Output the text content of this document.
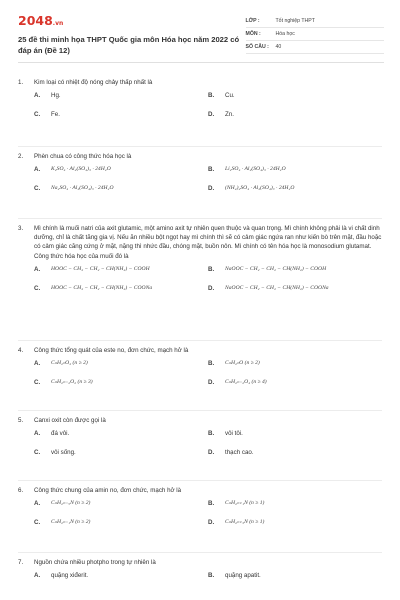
2048.vn
25 đề thi minh họa THPT Quốc gia môn Hóa học năm 2022 có đáp án (Đề 12)
LỚP :	Tốt nghiệp THPT
MÔN :	Hóa học
SỐ CÂU :	40
1.	Kim loại có nhiệt độ nóng chảy thấp nhất là
A.	Hg.	B.	Cu.
C.	Fe.	D.	Zn.
2.	Phèn chua có công thức hóa học là
A.	K₂SO₄ · Al₂(SO₄)₃ · 24H₂O	B.	Li₂SO₄ · Al₂(SO₄)₃ · 24H₂O
C.	Na₂SO₄ · Al₂(SO₄)₃ · 24H₂O	D.	(NH₄)₂SO₄ · Al₂(SO₄)₃ · 24H₂O
3.	Mì chính là muối natri của axit glutamic, một amino axit tự nhiên quen thuộc và quan trọng. Mì chính không phải là vi chất dinh dưỡng, chỉ là chất tăng gia vị. Nếu ăn nhiều bột ngọt hay mì chính thì sẽ có cảm giác ngứa ran như kiến bò trên mặt, đầu hoặc có cảm giác căng cứng ở mặt, nặng thì nhức đầu, chóng mặt, buồn nôn. Mì chính có tên hóa học là monosodium glutamat. Công thức hóa học của muối đó là
A.	HOOC − CH₂ − CH₂ − CH(NH₂) − COOH	B.	NaOOC − CH₂ − CH₂ − CH(NH₂) − COOH
C.	HOOC − CH₂ − CH₂ − CH(NH₂) − COONa	D.	NaOOC − CH₂ − CH₂ − CH(NH₂) − COONa
4.	Công thức tổng quát của este no, đơn chức, mạch hở là
A.	CₙH₂ₙO₂ (n ≥ 2)	B.	CₙH₂ₙO (n ≥ 2)
C.	CₙH₂ₙ₋₂O₂ (n ≥ 3)	D.	CₙH₂ₙ₋₂O₄ (n ≥ 4)
5.	Canxi oxit còn được gọi là
A.	đá vôi.	B.	vôi tôi.
C.	vôi sống.	D.	thạch cao.
6.	Công thức chung của amin no, đơn chức, mạch hở là
A.	CₙH₂ₙ₋₅N (n ≥ 2)	B.	CₙH₂ₙ₊₁N (n ≥ 1)
C.	CₙH₂ₙ₋₁N (n ≥ 2)	D.	CₙH₂ₙ₊₃N (n ≥ 1)
7.	Nguồn chứa nhiều photpho trong tự nhiên là
A.	quặng xiđerit.	B.	quặng apatit.
